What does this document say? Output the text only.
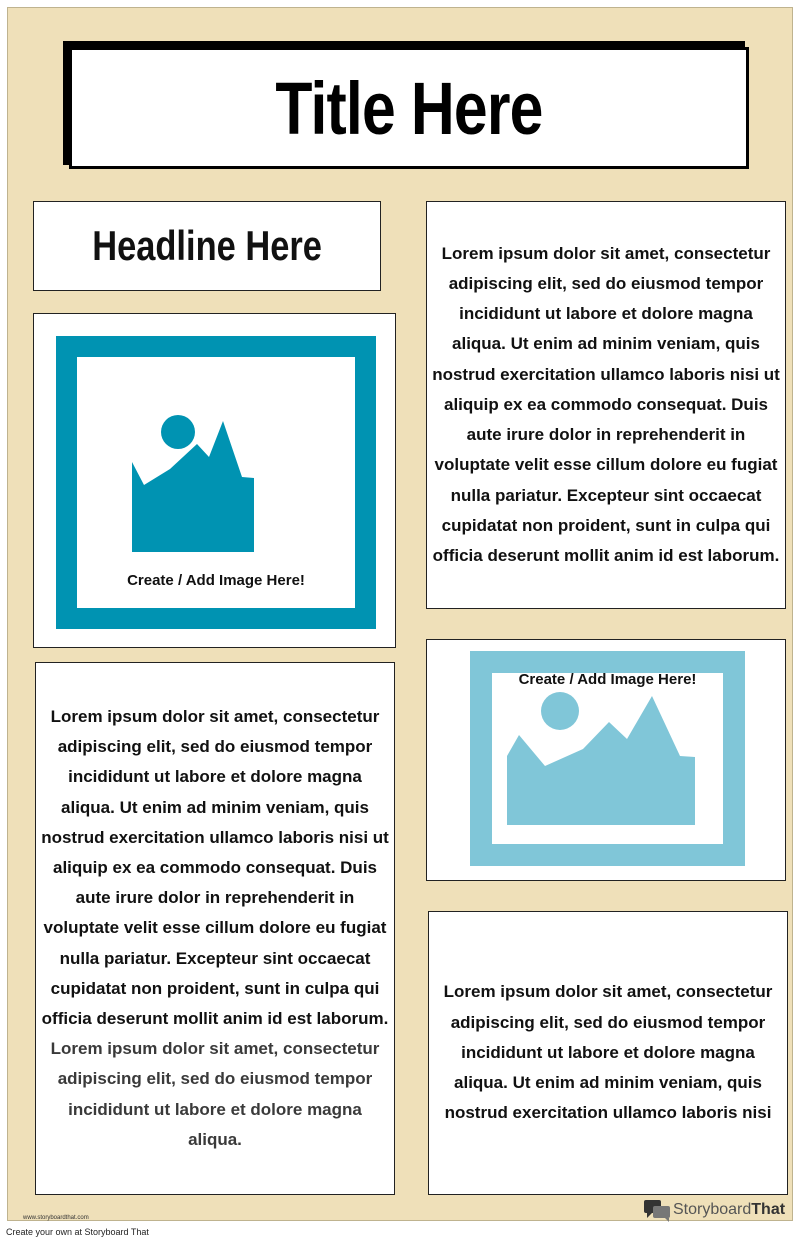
Title Here
Headline Here	Lorem ipsum dolor sit amet, consectetur adipiscing elit, sed do eiusmod tempor incididunt ut labore et dolore magna aliqua. Ut enim ad minim veniam, quis nostrud exercitation ullamco laboris nisi ut aliquip ex ea commodo consequat. Duis aute irure dolor in reprehenderit in voluptate velit esse cillum dolore eu fugiat nulla pariatur. Excepteur sint occaecat cupidatat non proident, sunt in culpa qui officia deserunt mollit anim id est laborum.

Create / Add Image Here!

Lorem ipsum dolor sit amet, consectetur adipiscing elit, sed do eiusmod tempor incididunt ut labore et dolore magna aliqua. Ut enim ad minim veniam, quis nostrud exercitation ullamco laboris nisi ut aliquip ex ea commodo consequat. Duis aute irure dolor in reprehenderit in voluptate velit esse cillum dolore eu fugiat nulla pariatur. Excepteur sint occaecat cupidatat non proident, sunt in culpa qui officia deserunt mollit anim id est laborum. Lorem ipsum dolor sit amet, consectetur adipiscing elit, sed do eiusmod tempor incididunt ut labore et dolore magna aliqua.

Create / Add Image Here!

Lorem ipsum dolor sit amet, consectetur adipiscing elit, sed do eiusmod tempor incididunt ut labore et dolore magna aliqua. Ut enim ad minim veniam, quis nostrud exercitation ullamco laboris nisi

www.storyboardthat.com	StoryboardThat
Create your own at Storyboard That
